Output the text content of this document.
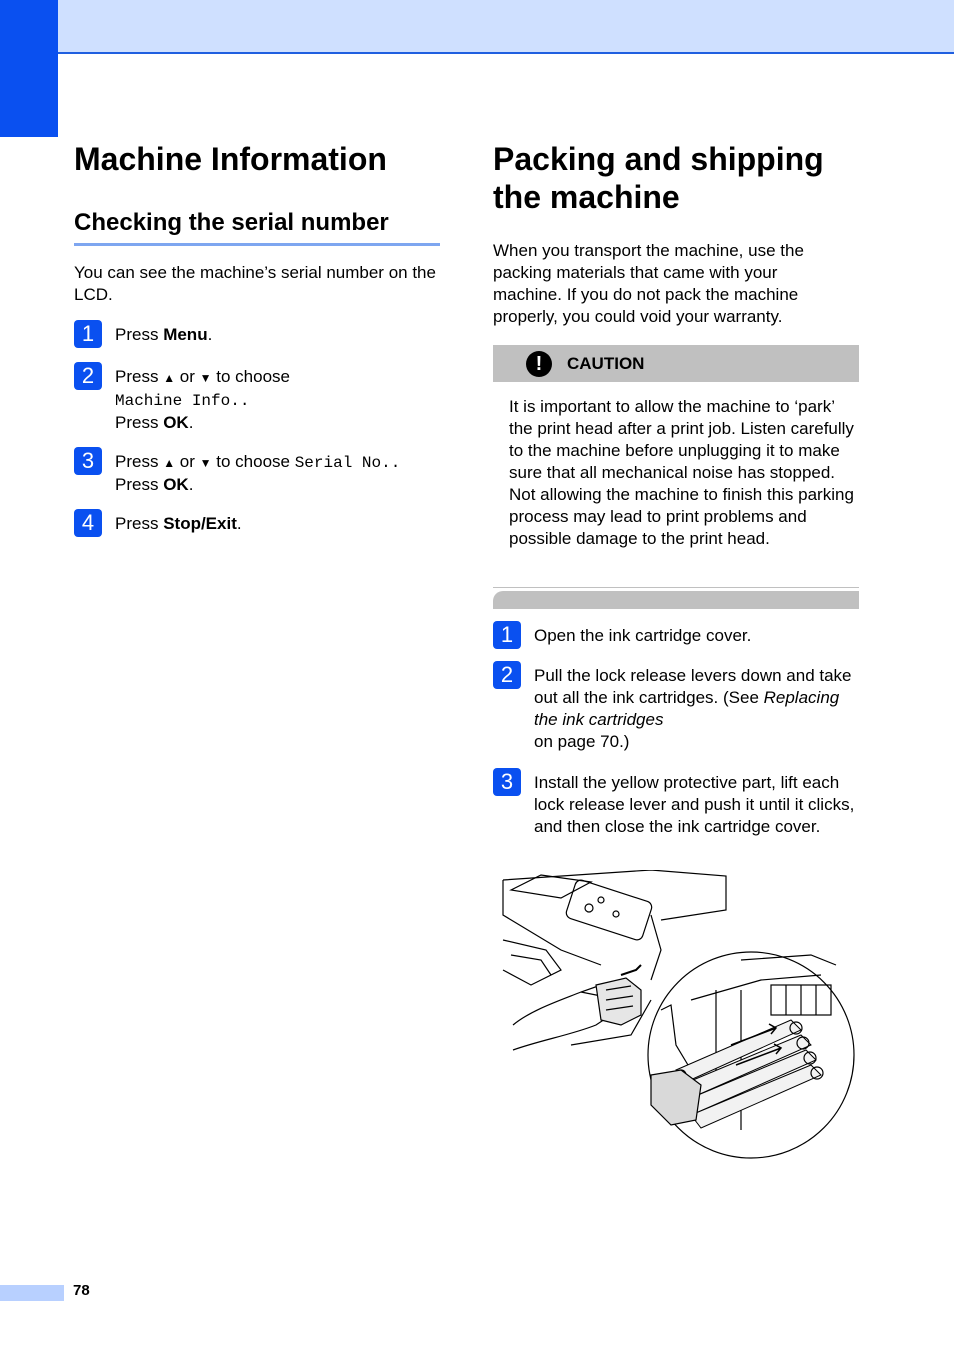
Machine Information
Checking the serial number

You can see the machine’s serial number on the LCD.

1	Press Menu.
2	Press ▲ or ▼ to choose
Machine Info..
Press OK.
3	Press ▲ or ▼ to choose Serial No..
Press OK.
4	Press Stop/Exit.
Packing and shipping
the machine

When you transport the machine, use the packing materials that came with your machine. If you do not pack the machine properly, you could void your warranty.

!	CAUTION

It is important to allow the machine to ‘park’ the print head after a print job. Listen carefully to the machine before unplugging it to make sure that all mechanical noise has stopped. Not allowing the machine to finish this parking process may lead to print problems and possible damage to the print head.

1	Open the ink cartridge cover.
2	Pull the lock release levers down and take out all the ink cartridges. (See Replacing the ink cartridges
on page 70.)
3	Install the yellow protective part, lift each lock release lever and push it until it clicks, and then close the ink cartridge cover.
78
